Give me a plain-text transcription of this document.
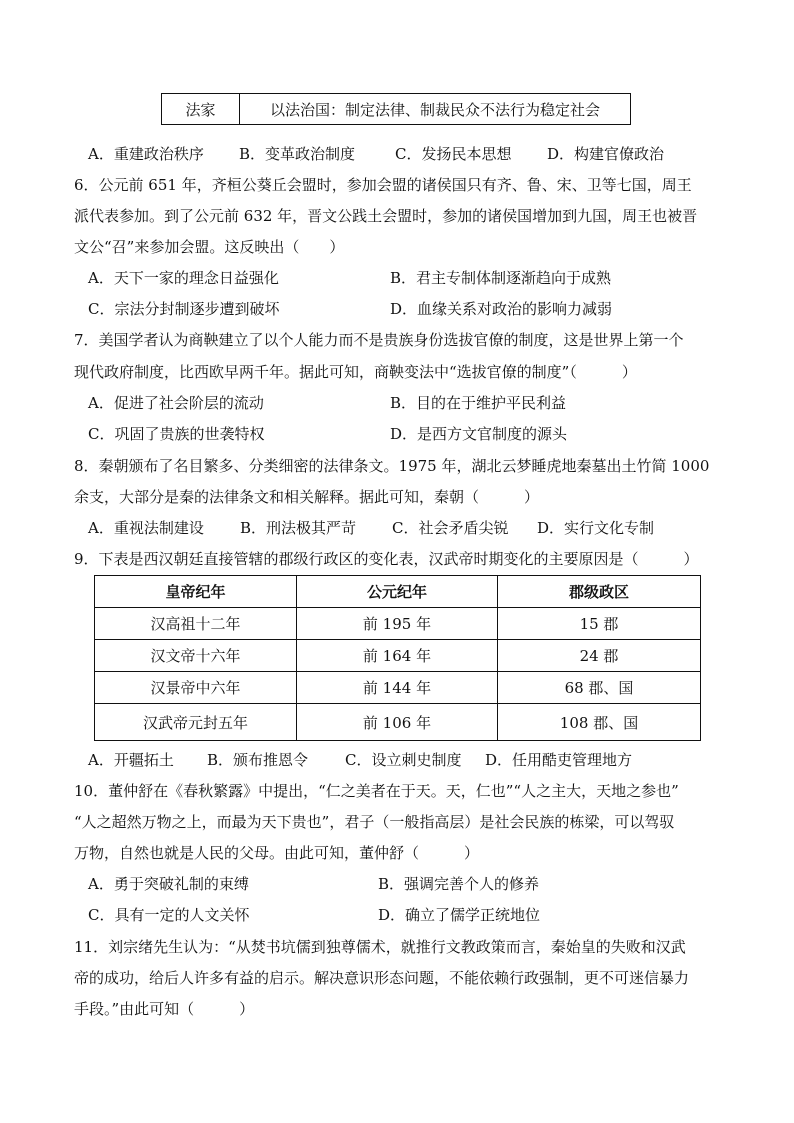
法家	以法治国：制定法律、制裁民众不法行为稳定社会
A．重建政治秩序	B．变革政治制度	C．发扬民本思想	D．构建官僚政治
6．公元前 651 年，齐桓公葵丘会盟时，参加会盟的诸侯国只有齐、鲁、宋、卫等七国，周王
派代表参加。到了公元前 632 年，晋文公践土会盟时，参加的诸侯国增加到九国，周王也被晋
文公“召”来参加会盟。这反映出（　　）
A．天下一家的理念日益强化	B．君主专制体制逐渐趋向于成熟
C．宗法分封制逐步遭到破坏	D．血缘关系对政治的影响力减弱
7．美国学者认为商鞅建立了以个人能力而不是贵族身份选拔官僚的制度，这是世界上第一个
现代政府制度，比西欧早两千年。据此可知，商鞅变法中“选拔官僚的制度”（　　　）
A．促进了社会阶层的流动	B．目的在于维护平民利益
C．巩固了贵族的世袭特权	D．是西方文官制度的源头
8．秦朝颁布了名目繁多、分类细密的法律条文。1975 年，湖北云梦睡虎地秦墓出土竹简 1000
余支，大部分是秦的法律条文和相关解释。据此可知，秦朝（　　　）
A．重视法制建设	B．刑法极其严苛	C．社会矛盾尖锐	D．实行文化专制
9．下表是西汉朝廷直接管辖的郡级行政区的变化表，汉武帝时期变化的主要原因是（　　　）
皇帝纪年	公元纪年	郡级政区
汉高祖十二年	前 195 年	15 郡
汉文帝十六年	前 164 年	24 郡
汉景帝中六年	前 144 年	68 郡、国
汉武帝元封五年	前 106 年	108 郡、国
A．开疆拓土	B．颁布推恩令	C．设立刺史制度	D．任用酷吏管理地方
10．董仲舒在《春秋繁露》中提出，“仁之美者在于天。天，仁也”“人之主大，天地之参也”
“人之超然万物之上，而最为天下贵也”，君子（一般指高层）是社会民族的栋梁，可以驾驭
万物，自然也就是人民的父母。由此可知，董仲舒（　　　）
A．勇于突破礼制的束缚	B．强调完善个人的修养
C．具有一定的人文关怀	D．确立了儒学正统地位
11．刘宗绪先生认为：“从焚书坑儒到独尊儒术，就推行文教政策而言，秦始皇的失败和汉武
帝的成功，给后人许多有益的启示。解决意识形态问题，不能依赖行政强制，更不可迷信暴力
手段。”由此可知（　　　）
